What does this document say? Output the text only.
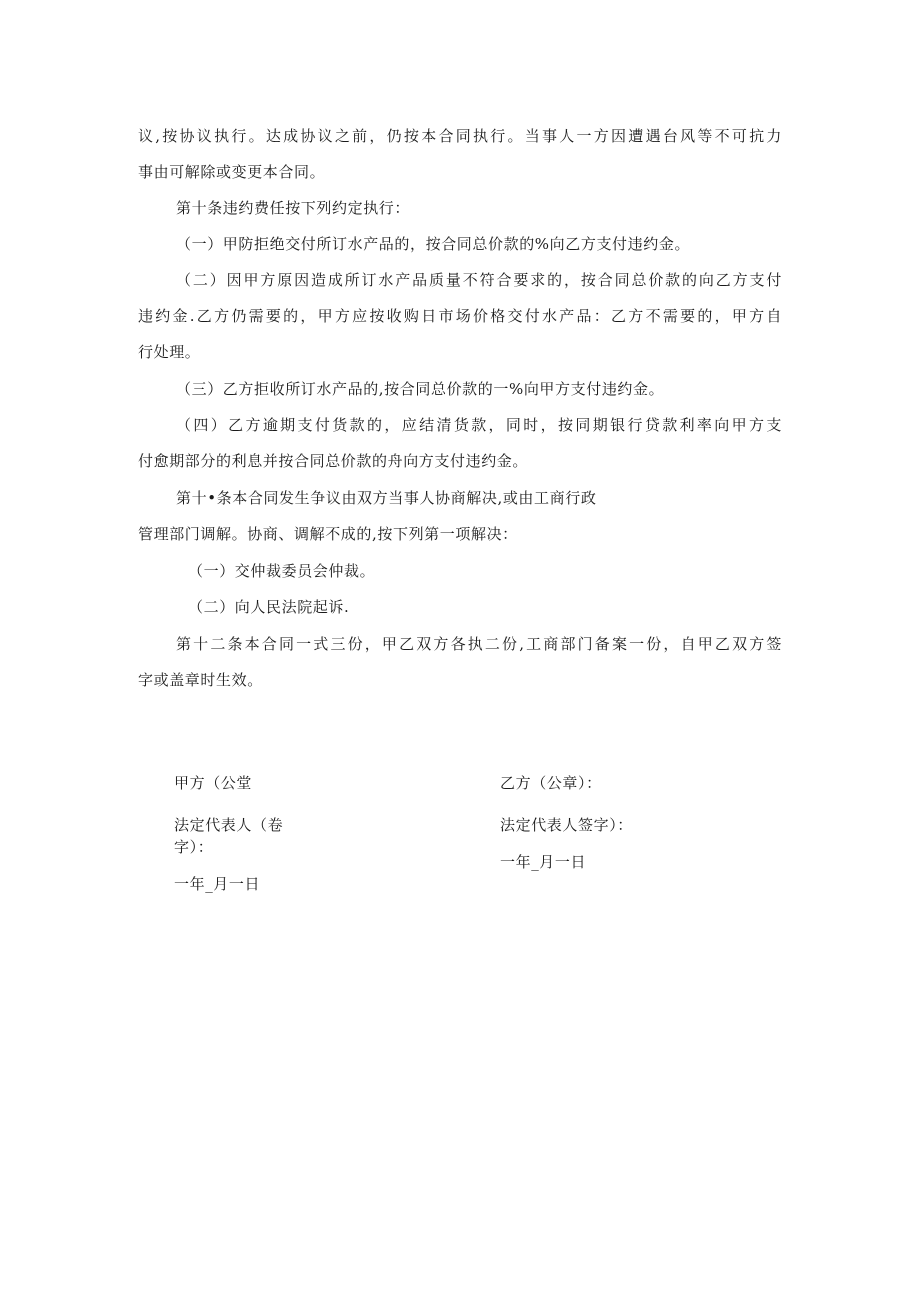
议,按协议执行。达成协议之前，仍按本合同执行。当事人一方因遭遇台风等不可抗力
事由可解除或变更本合同。
第十条违约费任按下列约定执行：
（一）甲防拒绝交付所订水产品的，按合同总价款的%向乙方支付违约金。
（二）因甲方原因造成所订水产品质量不符合要求的，按合同总价款的向乙方支付
违约金.乙方仍需要的，甲方应按收购日市场价格交付水产品：乙方不需要的，甲方自
行处理。
（三）乙方拒收所订水产品的,按合同总价款的一%向甲方支付违约金。
（四）乙方逾期支付货款的，应结清货款，同时，按同期银行贷款利率向甲方支
付愈期部分的利息并按合同总价款的舟向方支付违约金。
第十•条本合同发生争议由双方当事人协商解决,或由工商行政
管理部门调解。协商、调解不成的,按下列第一项解决：
（一）交仲裁委员会仲裁。
（二）向人民法院起诉.
第十二条本合同一式三份，甲乙双方各执二份,工商部门备案一份，自甲乙双方签
字或盖章时生效。
甲方（公堂
法定代表人（卷
字）：
一年_月一日
乙方（公章）：
法定代表人签字）：
一年_月一日
